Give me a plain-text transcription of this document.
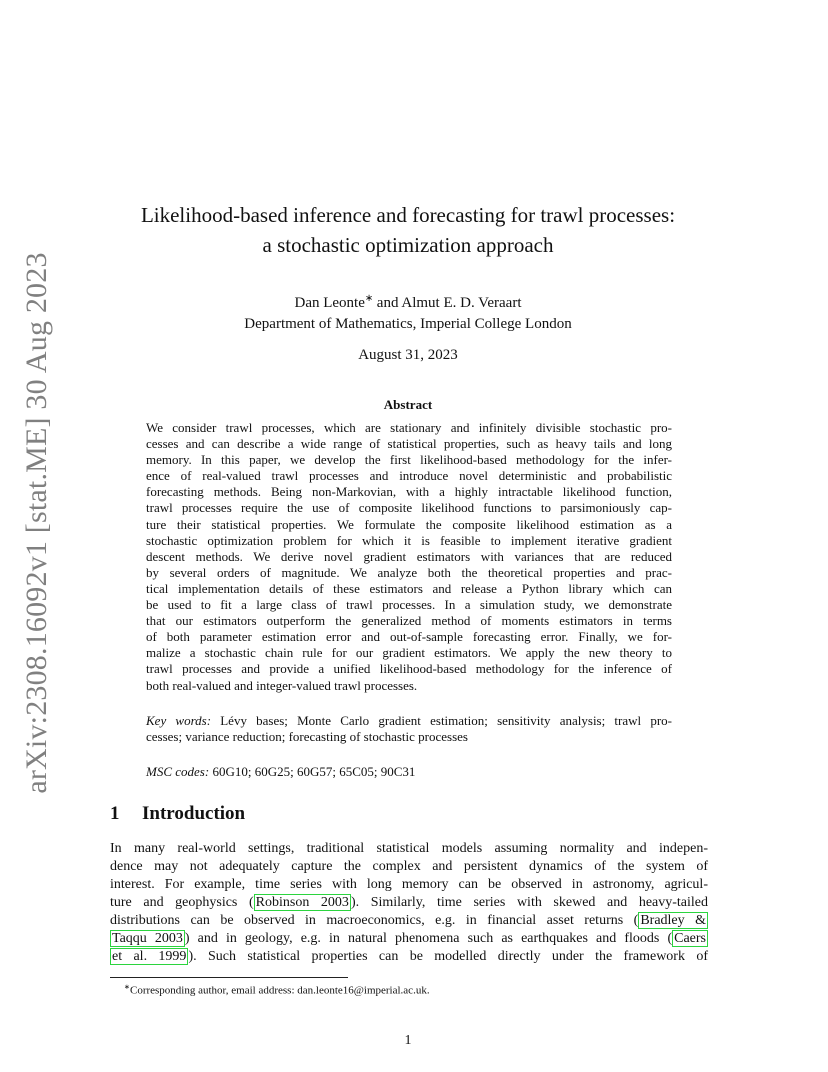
arXiv:2308.16092v1 [stat.ME] 30 Aug 2023
Likelihood-based inference and forecasting for trawl processes:
a stochastic optimization approach
Dan Leonte∗ and Almut E. D. Veraart
Department of Mathematics, Imperial College London
August 31, 2023
Abstract
We consider trawl processes, which are stationary and infinitely divisible stochastic pro-
cesses and can describe a wide range of statistical properties, such as heavy tails and long
memory. In this paper, we develop the first likelihood-based methodology for the infer-
ence of real-valued trawl processes and introduce novel deterministic and probabilistic
forecasting methods. Being non-Markovian, with a highly intractable likelihood function,
trawl processes require the use of composite likelihood functions to parsimoniously cap-
ture their statistical properties. We formulate the composite likelihood estimation as a
stochastic optimization problem for which it is feasible to implement iterative gradient
descent methods. We derive novel gradient estimators with variances that are reduced
by several orders of magnitude. We analyze both the theoretical properties and prac-
tical implementation details of these estimators and release a Python library which can
be used to fit a large class of trawl processes. In a simulation study, we demonstrate
that our estimators outperform the generalized method of moments estimators in terms
of both parameter estimation error and out-of-sample forecasting error. Finally, we for-
malize a stochastic chain rule for our gradient estimators. We apply the new theory to
trawl processes and provide a unified likelihood-based methodology for the inference of
both real-valued and integer-valued trawl processes.
Key words: Lévy bases; Monte Carlo gradient estimation; sensitivity analysis; trawl pro-
cesses; variance reduction; forecasting of stochastic processes
MSC codes: 60G10; 60G25; 60G57; 65C05; 90C31
1 Introduction
In many real-world settings, traditional statistical models assuming normality and indepen-
dence may not adequately capture the complex and persistent dynamics of the system of
interest. For example, time series with long memory can be observed in astronomy, agricul-
ture and geophysics ( Robinson 2003 ). Similarly, time series with skewed and heavy-tailed
distributions can be observed in macroeconomics, e.g. in financial asset returns ( Bradley &
Taqqu 2003 ) and in geology, e.g. in natural phenomena such as earthquakes and floods ( Caers
et al. 1999 ). Such statistical properties can be modelled directly under the framework of
∗Corresponding author, email address: dan.leonte16@imperial.ac.uk.
1
